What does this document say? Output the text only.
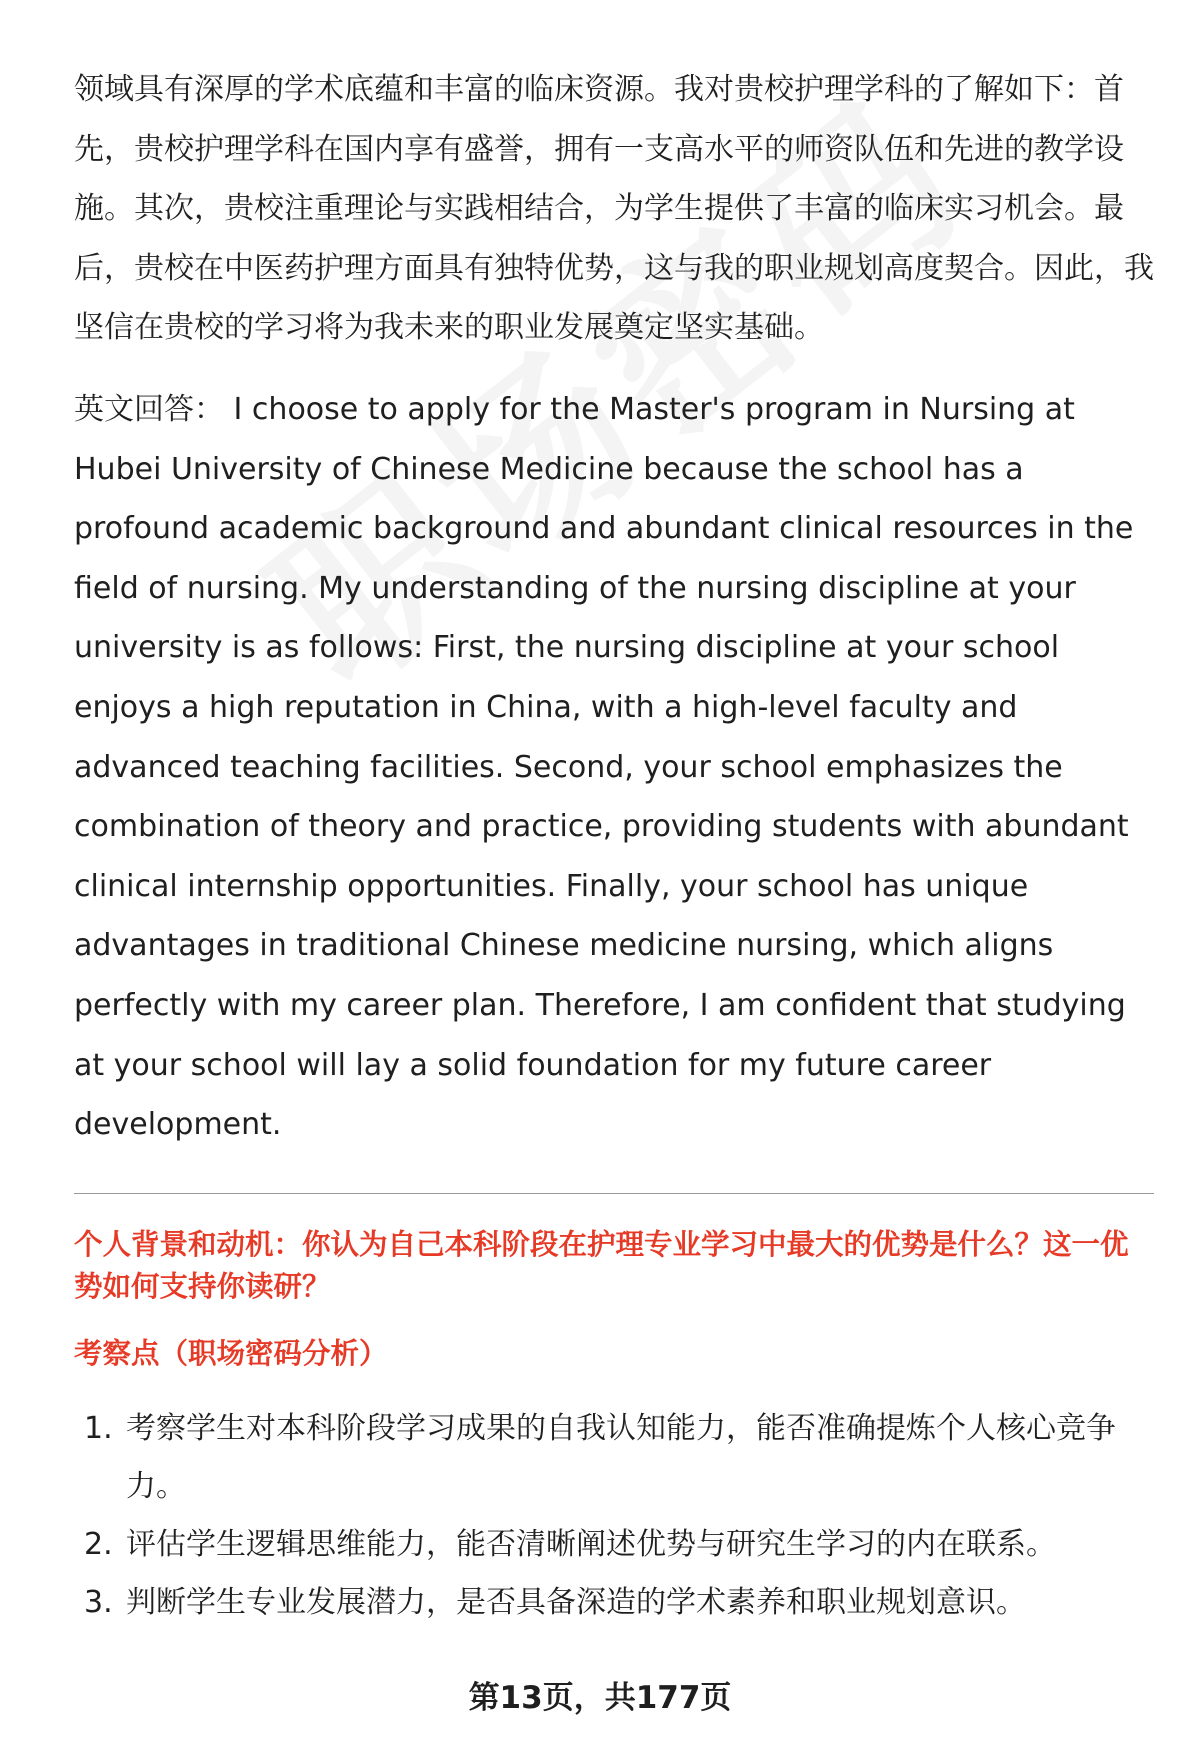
领域具有深厚的学术底蕴和丰富的临床资源。我对贵校护理学科的了解如下：首先，贵校护理学科在国内享有盛誉，拥有一支高水平的师资队伍和先进的教学设施。其次，贵校注重理论与实践相结合，为学生提供了丰富的临床实习机会。最后，贵校在中医药护理方面具有独特优势，这与我的职业规划高度契合。因此，我坚信在贵校的学习将为我未来的职业发展奠定坚实基础。

英文回答： I choose to apply for the Master's program in Nursing at Hubei University of Chinese Medicine because the school has a profound academic background and abundant clinical resources in the field of nursing. My understanding of the nursing discipline at your university is as follows: First, the nursing discipline at your school enjoys a high reputation in China, with a high-level faculty and advanced teaching facilities. Second, your school emphasizes the combination of theory and practice, providing students with abundant clinical internship opportunities. Finally, your school has unique advantages in traditional Chinese medicine nursing, which aligns perfectly with my career plan. Therefore, I am confident that studying at your school will lay a solid foundation for my future career development.

个人背景和动机：你认为自己本科阶段在护理专业学习中最大的优势是什么？这一优势如何支持你读研？
考察点（职场密码分析）
1. 考察学生对本科阶段学习成果的自我认知能力，能否准确提炼个人核心竞争力。
2. 评估学生逻辑思维能力，能否清晰阐述优势与研究生学习的内在联系。
3. 判断学生专业发展潜力，是否具备深造的学术素养和职业规划意识。
第13页，共177页
